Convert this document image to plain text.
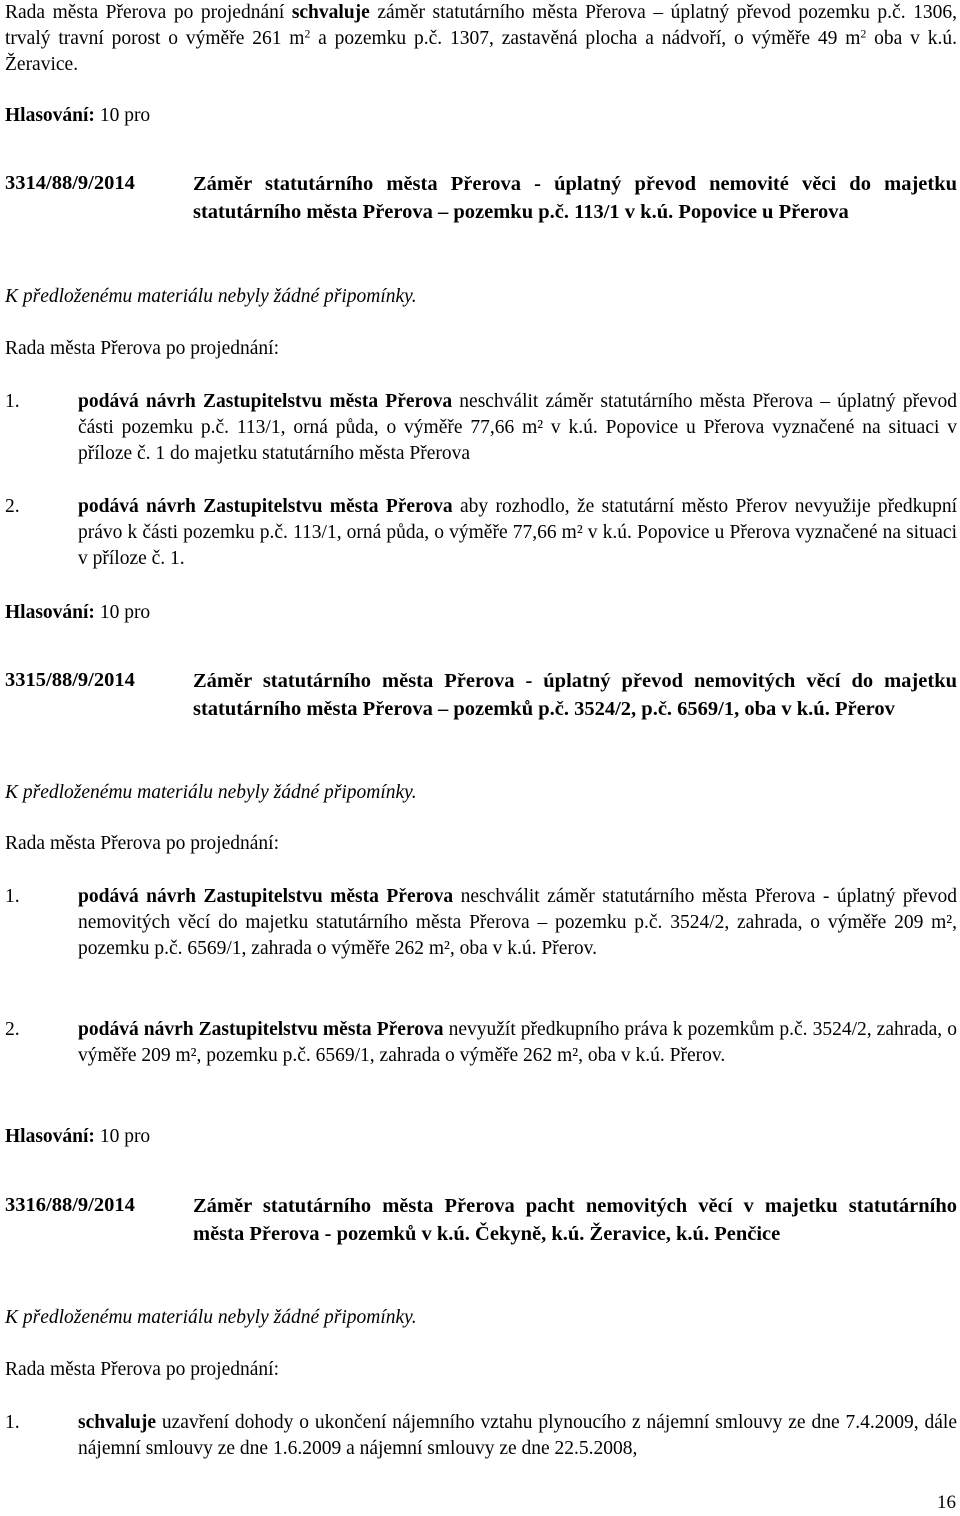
Rada města Přerova po projednání schvaluje záměr statutárního města Přerova – úplatný převod pozemku p.č. 1306, trvalý travní porost o výměře 261 $m^2$ a pozemku p.č. 1307, zastavěná plocha a nádvoří, o výměře 49 $m^2$ oba v k.ú. Žeravice.

Hlasování: 10 pro
3314/88/9/2014	Záměr statutárního města Přerova - úplatný převod nemovité věci do majetku statutárního města Přerova – pozemku p.č. 113/1 v k.ú. Popovice u Přerova
K předloženému materiálu nebyly žádné připomínky.
Rada města Přerova po projednání:
1.	podává návrh Zastupitelstvu města Přerova neschválit záměr statutárního města Přerova – úplatný převod části pozemku p.č. 113/1, orná půda, o výměře 77,66 m² v k.ú. Popovice u Přerova vyznačené na situaci v příloze č. 1 do majetku statutárního města Přerova
2.	podává návrh Zastupitelstvu města Přerova aby rozhodlo, že statutární město Přerov nevyužije předkupní právo k části pozemku p.č. 113/1, orná půda, o výměře 77,66 m² v k.ú. Popovice u Přerova vyznačené na situaci v příloze č. 1.
Hlasování: 10 pro
3315/88/9/2014	Záměr statutárního města Přerova - úplatný převod nemovitých věcí do majetku statutárního města Přerova – pozemků p.č. 3524/2, p.č. 6569/1, oba v k.ú. Přerov
K předloženému materiálu nebyly žádné připomínky.
Rada města Přerova po projednání:
1.	podává návrh Zastupitelstvu města Přerova neschválit záměr statutárního města Přerova - úplatný převod nemovitých věcí do majetku statutárního města Přerova – pozemku p.č. 3524/2, zahrada, o výměře 209 m², pozemku p.č. 6569/1, zahrada o výměře 262 m², oba v k.ú. Přerov.
2.	podává návrh Zastupitelstvu města Přerova nevyužít předkupního práva k pozemkům p.č. 3524/2, zahrada, o výměře 209 m², pozemku p.č. 6569/1, zahrada o výměře 262 m², oba v k.ú. Přerov.
Hlasování: 10 pro
3316/88/9/2014	Záměr statutárního města Přerova pacht nemovitých věcí v majetku statutárního města Přerova - pozemků v k.ú. Čekyně, k.ú. Žeravice, k.ú. Penčice
K předloženému materiálu nebyly žádné připomínky.
Rada města Přerova po projednání:
1.	schvaluje uzavření dohody o ukončení nájemního vztahu plynoucího z nájemní smlouvy ze dne 7.4.2009, dále nájemní smlouvy ze dne 1.6.2009 a nájemní smlouvy ze dne 22.5.2008,
16
